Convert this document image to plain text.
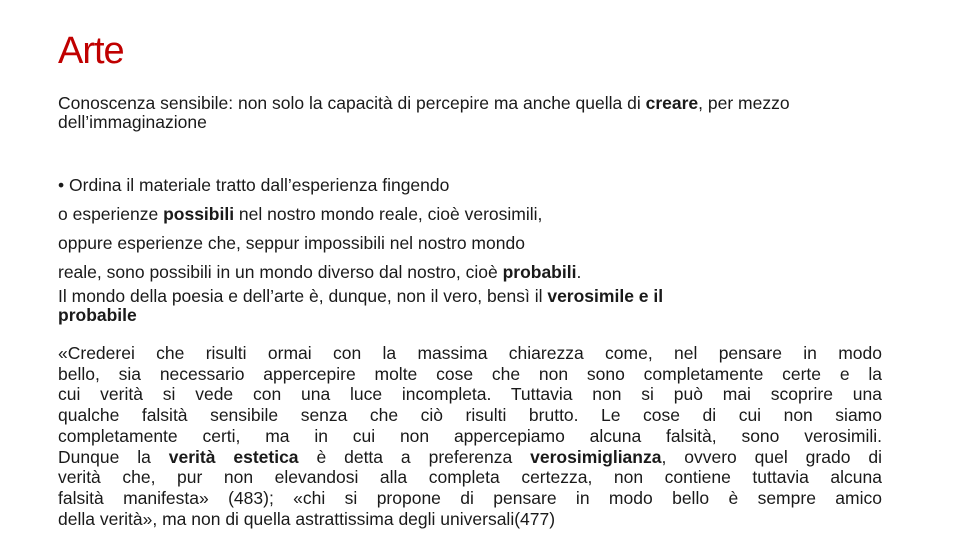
Arte
Conoscenza sensibile: non solo la capacità di percepire ma anche quella di creare, per mezzo dell’immaginazione
• Ordina il materiale tratto dall’esperienza fingendo
o esperienze possibili nel nostro mondo reale, cioè verosimili,
oppure esperienze che, seppur impossibili nel nostro mondo
reale, sono possibili in un mondo diverso dal nostro, cioè probabili.
Il mondo della poesia e dell’arte è, dunque, non il vero, bensì il verosimile e il
probabile
«Crederei che risulti ormai con la massima chiarezza come, nel pensare in modo
bello, sia necessario appercepire molte cose che non sono completamente certe e la
cui verità si vede con una luce incompleta. Tuttavia non si può mai scoprire una
qualche falsità sensibile senza che ciò risulti brutto. Le cose di cui non siamo
completamente certi, ma in cui non appercepiamo alcuna falsità, sono verosimili.
Dunque la verità estetica è detta a preferenza verosimiglianza, ovvero quel grado di
verità che, pur non elevandosi alla completa certezza, non contiene tuttavia alcuna
falsità manifesta» (483); «chi si propone di pensare in modo bello è sempre amico
della verità», ma non di quella astrattissima degli universali(477)
